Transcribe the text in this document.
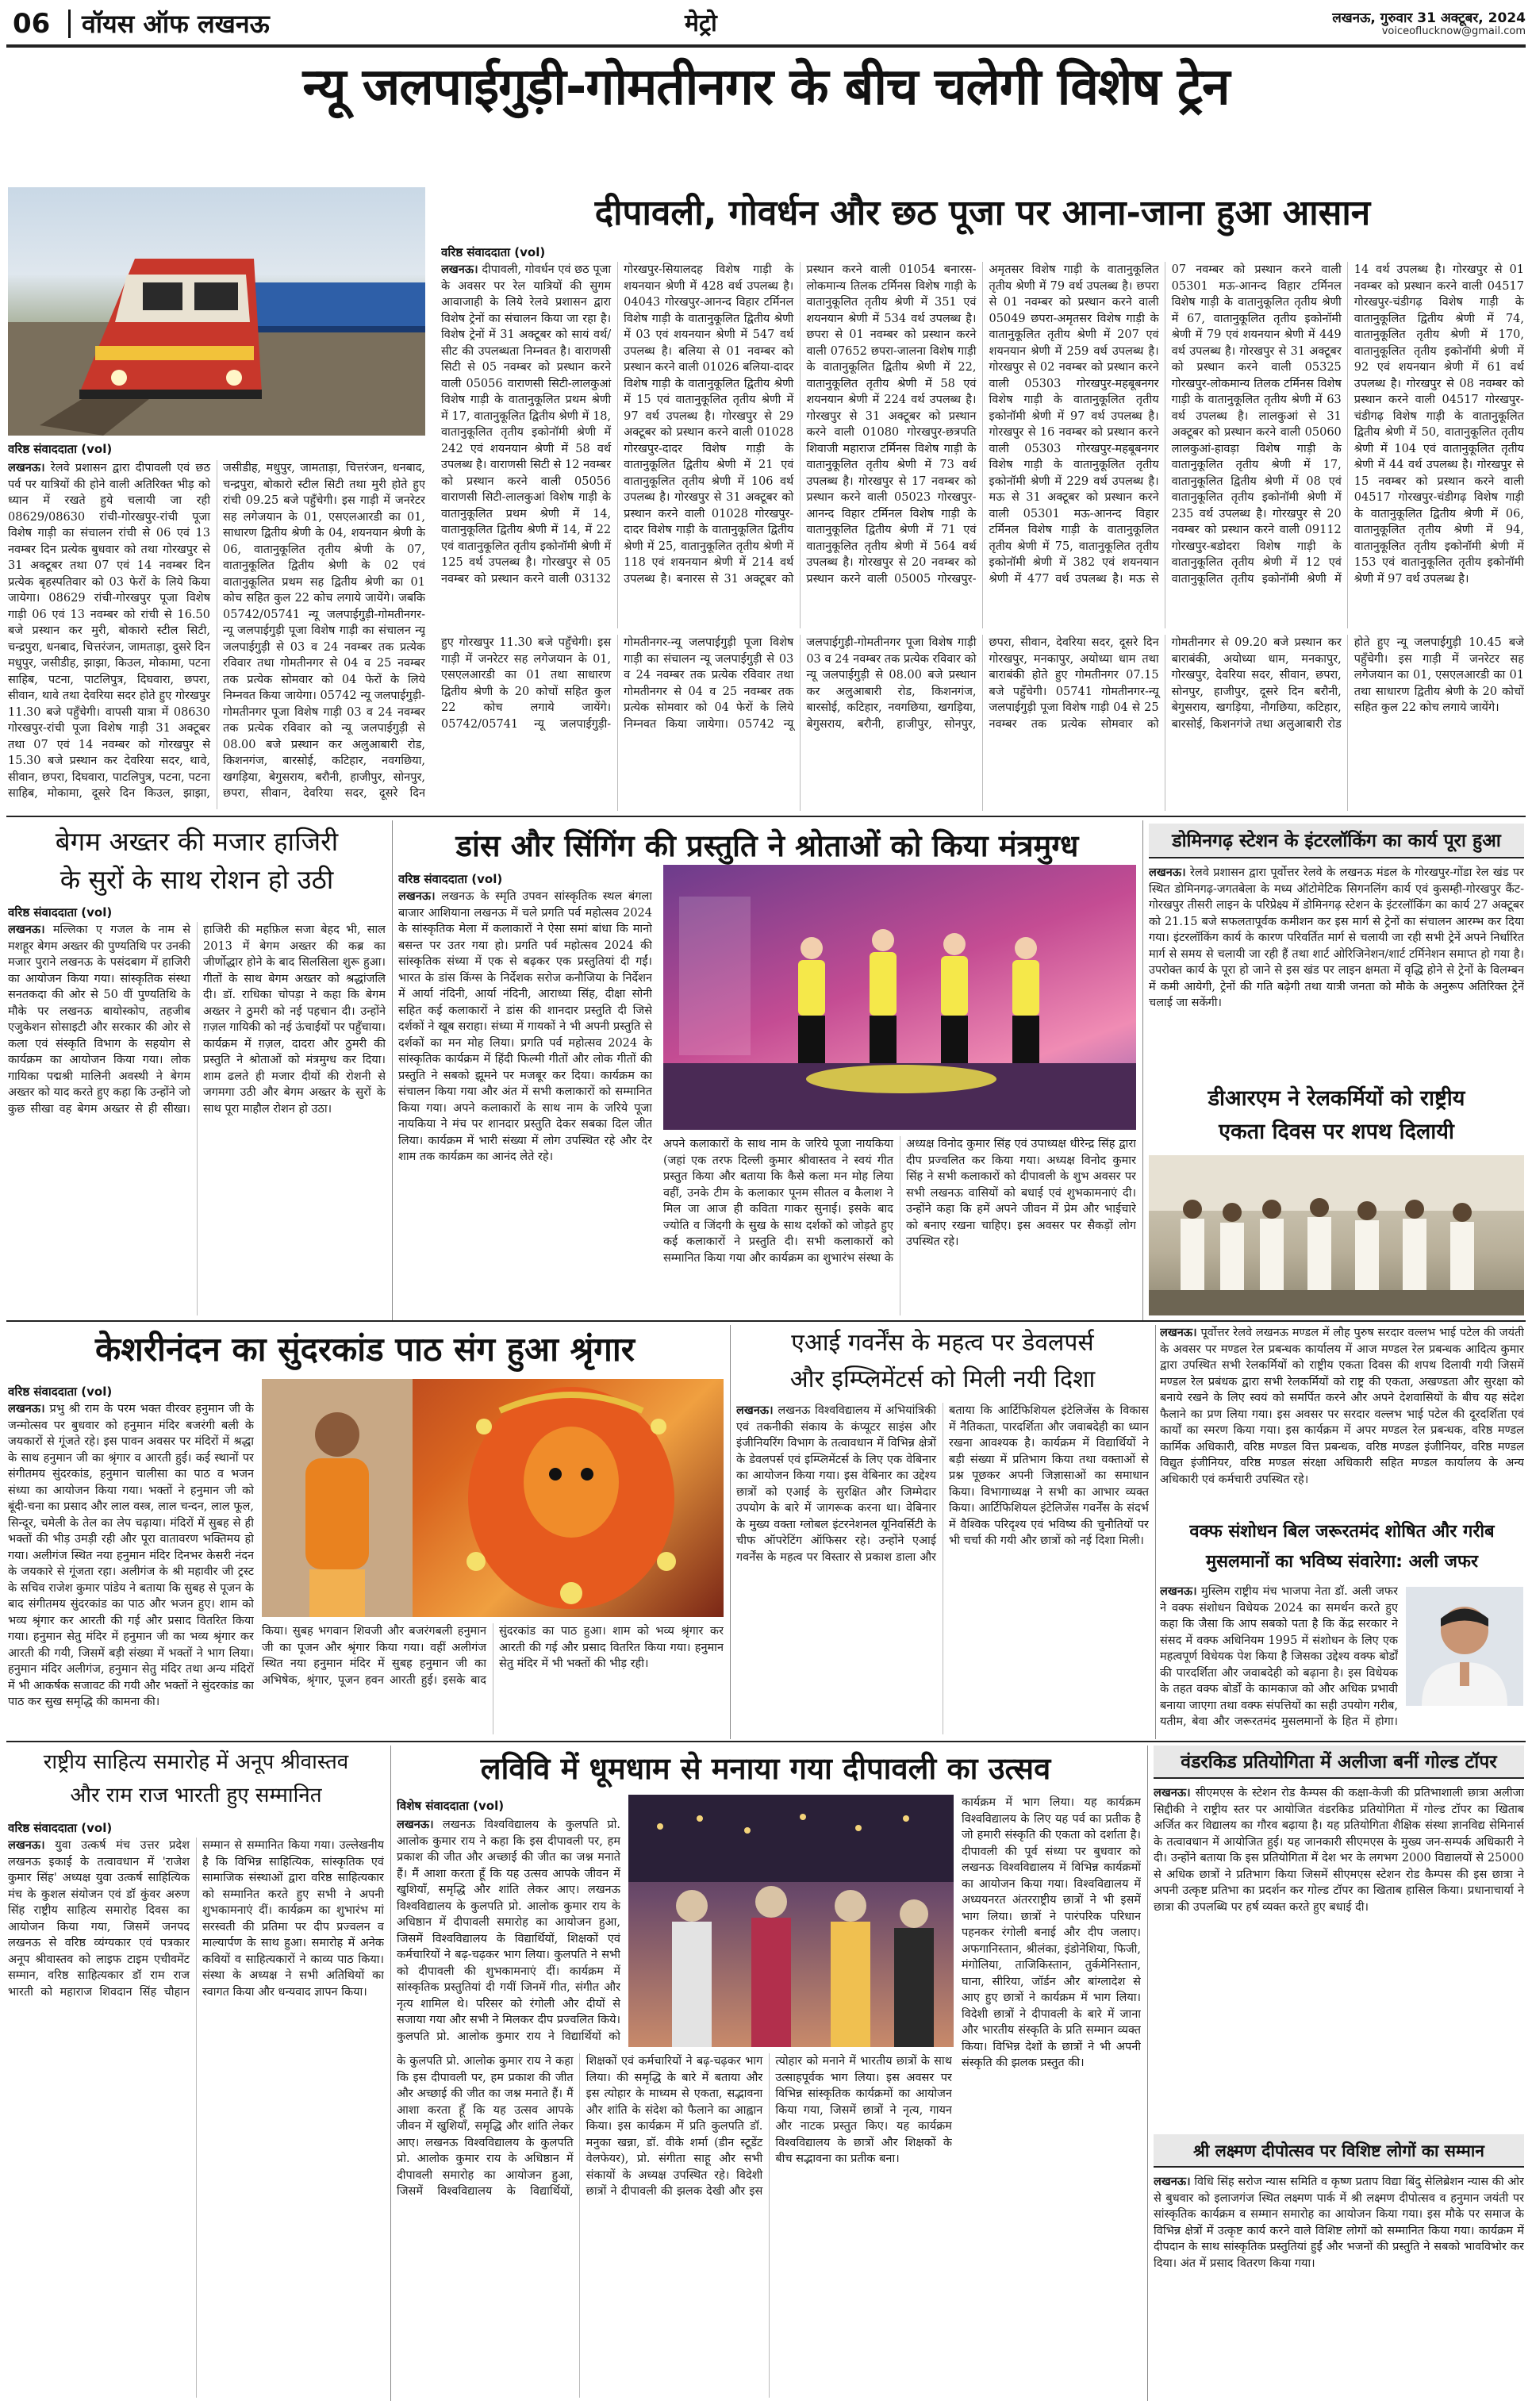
06 वॉयस ऑफ लखनऊ	मेट्रो	लखनऊ, गुरुवार 31 अक्टूबर, 2024
voiceoflucknow@gmail.com
न्यू जलपाईगुड़ी-गोमतीनगर के बीच चलेगी विशेष ट्रेन
वरिष्ठ संवाददाता (vol)
लखनऊ। रेलवे प्रशासन द्वारा दीपावली एवं छठ पर्व पर यात्रियों की होने वाली अतिरिक्त भीड़ को ध्यान में रखते हुये चलायी जा रही 08629/08630 रांची-गोरखपुर-रांची पूजा विशेष गाड़ी का संचालन रांची से 06 एवं 13 नवम्बर दिन प्रत्येक बुधवार को तथा गोरखपुर से 31 अक्टूबर तथा 07 एवं 14 नवम्बर दिन प्रत्येक बृहस्पतिवार को 03 फेरों के लिये किया जायेगा। 08629 रांची-गोरखपुर पूजा विशेष गाड़ी 06 एवं 13 नवम्बर को रांची से 16.50 बजे प्रस्थान कर मुरी, बोकारो स्टील सिटी, चन्द्रपुरा, धनबाद, चित्तरंजन, जामताड़ा, दुसरे दिन मधुपुर, जसीडीह, झाझा, किउल, मोकामा, पटना साहिब, पटना, पाटलिपुत्र, दिघवारा, छपरा, सीवान, थावे तथा देवरिया सदर होते हुए गोरखपुर 11.30 बजे पहुँचेगी। वापसी यात्रा में 08630 गोरखपुर-रांची पूजा विशेष गाड़ी 31 अक्टूबर तथा 07 एवं 14 नवम्बर को गोरखपुर से 15.30 बजे प्रस्थान कर देवरिया सदर, थावे, सीवान, छपरा, दिघवारा, पाटलिपुत्र, पटना, पटना साहिब, मोकामा, दूसरे दिन किउल, झाझा, जसीडीह, मधुपुर, जामताड़ा, चित्तरंजन, धनबाद, चन्द्रपुरा, बोकारो स्टील सिटी तथा मुरी होते हुए रांची 09.25 बजे पहुँचेगी। इस गाड़ी में जनरेटर सह लगेजयान के 01, एसएलआरडी का 01, साधारण द्वितीय श्रेणी के 04, शयनयान श्रेणी के 06, वातानुकूलित तृतीय श्रेणी के 07, वातानुकूलित द्वितीय श्रेणी के 02 एवं वातानुकूलित प्रथम सह द्वितीय श्रेणी का 01 कोच सहित कुल 22 कोच लगाये जायेंगे। जबकि 05742/05741 न्यू जलपाईगुड़ी-गोमतीनगर-न्यू जलपाईगुड़ी पूजा विशेष गाड़ी का संचालन न्यू जलपाईगुड़ी से 03 व 24 नवम्बर तक प्रत्येक रविवार तथा गोमतीनगर से 04 व 25 नवम्बर तक प्रत्येक सोमवार को 04 फेरों के लिये निम्नवत किया जायेगा। 05742 न्यू जलपाईगुड़ी-गोमतीनगर पूजा विशेष गाड़ी 03 व 24 नवम्बर तक प्रत्येक रविवार को न्यू जलपाईगुड़ी से 08.00 बजे प्रस्थान कर अलुआबारी रोड, किशनगंज, बारसोई, कटिहार, नवगछिया, खगड़िया, बेगुसराय, बरौनी, हाजीपुर, सोनपुर, छपरा, सीवान, देवरिया सदर, दूसरे दिन
दीपावली, गोवर्धन और छठ पूजा पर आना-जाना हुआ आसान
वरिष्ठ संवाददाता (vol)
लखनऊ। दीपावली, गोवर्धन एवं छठ पूजा के अवसर पर रेल यात्रियों की सुगम आवाजाही के लिये रेलवे प्रशासन द्वारा विशेष ट्रेनों का संचालन किया जा रहा है। विशेष ट्रेनों में 31 अक्टूबर को सायं वर्थ/सीट की उपलब्धता निम्नवत है। वाराणसी सिटी से 05 नवम्बर को प्रस्थान करने वाली 05056 वाराणसी सिटी-लालकुआं विशेष गाड़ी के वातानुकूलित प्रथम श्रेणी में 17, वातानुकूलित द्वितीय श्रेणी में 18, वातानुकूलित तृतीय इकोनॉमी श्रेणी में 242 एवं शयनयान श्रेणी में 58 वर्थ उपलब्ध है। वाराणसी सिटी से 12 नवम्बर को प्रस्थान करने वाली 05056 वाराणसी सिटी-लालकुआं विशेष गाड़ी के वातानुकूलित प्रथम श्रेणी में 14, वातानुकूलित द्वितीय श्रेणी में 14, में 22 एवं वातानुकूलित तृतीय इकोनॉमी श्रेणी में 125 वर्थ उपलब्ध है। गोरखपुर से 05 नवम्बर को प्रस्थान करने वाली 03132 गोरखपुर-सियालदह विशेष गाड़ी के शयनयान श्रेणी में 428 वर्थ उपलब्ध है। 04043 गोरखपुर-आनन्द विहार टर्मिनल विशेष गाड़ी के वातानुकूलित द्वितीय श्रेणी में 03 एवं शयनयान श्रेणी में 547 वर्थ उपलब्ध है। बलिया से 01 नवम्बर को प्रस्थान करने वाली 01026 बलिया-दादर विशेष गाड़ी के वातानुकूलित द्वितीय श्रेणी में 15 एवं वातानुकूलित तृतीय श्रेणी में 97 वर्थ उपलब्ध है। गोरखपुर से 29 अक्टूबर को प्रस्थान करने वाली 01028 गोरखपुर-दादर विशेष गाड़ी के वातानुकूलित द्वितीय श्रेणी में 21 एवं वातानुकूलित तृतीय श्रेणी में 106 वर्थ उपलब्ध है। गोरखपुर से 31 अक्टूबर को प्रस्थान करने वाली 01028 गोरखपुर-दादर विशेष गाड़ी के वातानुकूलित द्वितीय श्रेणी में 25, वातानुकूलित तृतीय श्रेणी में 118 एवं शयनयान श्रेणी में 214 वर्थ उपलब्ध है। बनारस से 31 अक्टूबर को प्रस्थान करने वाली 01054 बनारस-लोकमान्य तिलक टर्मिनस विशेष गाड़ी के वातानुकूलित तृतीय श्रेणी में 351 एवं शयनयान श्रेणी में 534 वर्थ उपलब्ध है। छपरा से 01 नवम्बर को प्रस्थान करने वाली 07652 छपरा-जालना विशेष गाड़ी के वातानुकूलित द्वितीय श्रेणी में 22, वातानुकूलित तृतीय श्रेणी में 58 एवं शयनयान श्रेणी में 224 वर्थ उपलब्ध है। गोरखपुर से 31 अक्टूबर को प्रस्थान करने वाली 01080 गोरखपुर-छत्रपति शिवाजी महाराज टर्मिनस विशेष गाड़ी के वातानुकूलित तृतीय श्रेणी में 73 वर्थ उपलब्ध है। गोरखपुर से 17 नवम्बर को प्रस्थान करने वाली 05023 गोरखपुर-आनन्द विहार टर्मिनल विशेष गाड़ी के वातानुकूलित द्वितीय श्रेणी में 71 एवं वातानुकूलित तृतीय श्रेणी में 564 वर्थ उपलब्ध है। गोरखपुर से 20 नवम्बर को प्रस्थान करने वाली 05005 गोरखपुर-अमृतसर विशेष गाड़ी के वातानुकूलित तृतीय श्रेणी में 79 वर्थ उपलब्ध है। छपरा से 01 नवम्बर को प्रस्थान करने वाली 05049 छपरा-अमृतसर विशेष गाड़ी के वातानुकूलित तृतीय श्रेणी में 207 एवं शयनयान श्रेणी में 259 वर्थ उपलब्ध है। गोरखपुर से 02 नवम्बर को प्रस्थान करने वाली 05303 गोरखपुर-महबूबनगर विशेष गाड़ी के वातानुकूलित तृतीय इकोनॉमी श्रेणी में 97 वर्थ उपलब्ध है। गोरखपुर से 16 नवम्बर को प्रस्थान करने वाली 05303 गोरखपुर-महबूबनगर विशेष गाड़ी के वातानुकूलित तृतीय इकोनॉमी श्रेणी में 229 वर्थ उपलब्ध है। मऊ से 31 अक्टूबर को प्रस्थान करने वाली 05301 मऊ-आनन्द विहार टर्मिनल विशेष गाड़ी के वातानुकूलित तृतीय श्रेणी में 75, वातानुकूलित तृतीय इकोनॉमी श्रेणी में 382 एवं शयनयान श्रेणी में 477 वर्थ उपलब्ध है। मऊ से 07 नवम्बर को प्रस्थान करने वाली 05301 मऊ-आनन्द विहार टर्मिनल विशेष गाड़ी के वातानुकूलित तृतीय श्रेणी में 67, वातानुकूलित तृतीय इकोनॉमी श्रेणी में 79 एवं शयनयान श्रेणी में 449 वर्थ उपलब्ध है। गोरखपुर से 31 अक्टूबर को प्रस्थान करने वाली 05325 गोरखपुर-लोकमान्य तिलक टर्मिनस विशेष गाड़ी के वातानुकूलित तृतीय श्रेणी में 63 वर्थ उपलब्ध है। लालकुआं से 31 अक्टूबर को प्रस्थान करने वाली 05060 लालकुआं-हावड़ा विशेष गाड़ी के वातानुकूलित तृतीय श्रेणी में 17, वातानुकूलित द्वितीय श्रेणी में 08 एवं वातानुकूलित तृतीय इकोनॉमी श्रेणी में 235 वर्थ उपलब्ध है। गोरखपुर से 20 नवम्बर को प्रस्थान करने वाली 09112 गोरखपुर-बडोदरा विशेष गाड़ी के वातानुकूलित तृतीय श्रेणी में 12 एवं वातानुकूलित तृतीय इकोनॉमी श्रेणी में 14 वर्थ उपलब्ध है। गोरखपुर से 01 नवम्बर को प्रस्थान करने वाली 04517 गोरखपुर-चंडीगढ़ विशेष गाड़ी के वातानुकूलित द्वितीय श्रेणी में 74, वातानुकूलित तृतीय श्रेणी में 170, वातानुकूलित तृतीय इकोनॉमी श्रेणी में 92 एवं शयनयान श्रेणी में 61 वर्थ उपलब्ध है। गोरखपुर से 08 नवम्बर को प्रस्थान करने वाली 04517 गोरखपुर-चंडीगढ़ विशेष गाड़ी के वातानुकूलित द्वितीय श्रेणी में 50, वातानुकूलित तृतीय श्रेणी में 104 एवं वातानुकूलित तृतीय श्रेणी में 44 वर्थ उपलब्ध है। गोरखपुर से 15 नवम्बर को प्रस्थान करने वाली 04517 गोरखपुर-चंडीगढ़ विशेष गाड़ी के वातानुकूलित द्वितीय श्रेणी में 06, वातानुकूलित तृतीय श्रेणी में 94, वातानुकूलित तृतीय इकोनॉमी श्रेणी में 153 एवं वातानुकूलित तृतीय इकोनॉमी श्रेणी में 97 वर्थ उपलब्ध है।
हुए गोरखपुर 11.30 बजे पहुँचेगी। इस गाड़ी में जनरेटर सह लगेजयान के 01, एसएलआरडी का 01 तथा साधारण द्वितीय श्रेणी के 20 कोचों सहित कुल 22 कोच लगाये जायेंगे। 05742/05741 न्यू जलपाईगुड़ी-गोमतीनगर-न्यू जलपाईगुड़ी पूजा विशेष गाड़ी का संचालन न्यू जलपाईगुड़ी से 03 व 24 नवम्बर तक प्रत्येक रविवार तथा गोमतीनगर से 04 व 25 नवम्बर तक प्रत्येक सोमवार को 04 फेरों के लिये निम्नवत किया जायेगा। 05742 न्यू जलपाईगुड़ी-गोमतीनगर पूजा विशेष गाड़ी 03 व 24 नवम्बर तक प्रत्येक रविवार को न्यू जलपाईगुड़ी से 08.00 बजे प्रस्थान कर अलुआबारी रोड, किशनगंज, बारसोई, कटिहार, नवगछिया, खगड़िया, बेगुसराय, बरौनी, हाजीपुर, सोनपुर, छपरा, सीवान, देवरिया सदर, दूसरे दिन गोरखपुर, मनकापुर, अयोध्या धाम तथा बाराबंकी होते हुए गोमतीनगर 07.15 बजे पहुँचेगी। 05741 गोमतीनगर-न्यू जलपाईगुड़ी पूजा विशेष गाड़ी 04 से 25 नवम्बर तक प्रत्येक सोमवार को गोमतीनगर से 09.20 बजे प्रस्थान कर बाराबंकी, अयोध्या धाम, मनकापुर, गोरखपुर, देवरिया सदर, सीवान, छपरा, सोनपुर, हाजीपुर, दूसरे दिन बरौनी, बेगुसराय, खगड़िया, नौगछिया, कटिहार, बारसोई, किशनगंजे तथा अलुआबारी रोड होते हुए न्यू जलपाईगुड़ी 10.45 बजे पहुँचेगी। इस गाड़ी में जनरेटर सह लगेजयान का 01, एसएलआरडी का 01 तथा साधारण द्वितीय श्रेणी के 20 कोचों सहित कुल 22 कोच लगाये जायेंगे।
बेगम अख्तर की मजार हाजिरी
के सुरों के साथ रोशन हो उठी
वरिष्ठ संवाददाता (vol)
लखनऊ। मल्लिका ए गजल के नाम से मशहूर बेगम अख्तर की पुण्यतिथि पर उनकी मजार पुराने लखनऊ के पसंदबाग में हाजिरी का आयोजन किया गया। सांस्कृतिक संस्था सनतकदा की ओर से 50 वीं पुण्यतिथि के मौके पर लखनऊ बायोस्कोप, तहजीब एजुकेशन सोसाइटी और सरकार की ओर से कला एवं संस्कृति विभाग के सहयोग से कार्यक्रम का आयोजन किया गया। लोक गायिका पद्मश्री मालिनी अवस्थी ने बेगम अख्तर को याद करते हुए कहा कि उन्होंने जो कुछ सीखा वह बेगम अख्तर से ही सीखा। हाजिरी की महफ़िल सजा बेहद भी, साल 2013 में बेगम अख्तर की कब्र का जीर्णोद्धार होने के बाद सिलसिला शुरू हुआ। गीतों के साथ बेगम अख्तर को श्रद्धांजलि दी। डॉ. राधिका चोपड़ा ने कहा कि बेगम अख्तर ने ठुमरी को नई पहचान दी। उन्होंने ग़ज़ल गायिकी को नई ऊंचाईयों पर पहुँचाया। कार्यक्रम में ग़ज़ल, दादरा और ठुमरी की प्रस्तुति ने श्रोताओं को मंत्रमुग्ध कर दिया। शाम ढलते ही मजार दीयों की रोशनी से जगमगा उठी और बेगम अख्तर के सुरों के साथ पूरा माहौल रोशन हो उठा।
डांस और सिंगिंग की प्रस्तुति ने श्रोताओं को किया मंत्रमुग्ध
वरिष्ठ संवाददाता (vol)
लखनऊ। लखनऊ के स्मृति उपवन सांस्कृतिक स्थल बंगला बाजार आशियाना लखनऊ में चले प्रगति पर्व महोत्सव 2024 के सांस्कृतिक मेला में कलाकारों ने ऐसा समां बांधा कि मानो बसन्त पर उतर गया हो। प्रगति पर्व महोत्सव 2024 की सांस्कृतिक संध्या में एक से बढ़कर एक प्रस्तुतियां दी गईं। भारत के डांस किंग्स के निर्देशक सरोज कनौजिया के निर्देशन में आर्या नंदिनी, आर्या नंदिनी, आराध्या सिंह, दीक्षा सोनी सहित कई कलाकारों ने डांस की शानदार प्रस्तुति दी जिसे दर्शकों ने खूब सराहा। संध्या में गायकों ने भी अपनी प्रस्तुति से दर्शकों का मन मोह लिया। प्रगति पर्व महोत्सव 2024 के सांस्कृतिक कार्यक्रम में हिंदी फिल्मी गीतों और लोक गीतों की प्रस्तुति ने सबको झूमने पर मजबूर कर दिया। कार्यक्रम का संचालन किया गया और अंत में सभी कलाकारों को सम्मानित किया गया। अपने कलाकारों के साथ नाम के जरिये पूजा नायकिया ने मंच पर शानदार प्रस्तुति देकर सबका दिल जीत लिया। कार्यक्रम में भारी संख्या में लोग उपस्थित रहे और देर शाम तक कार्यक्रम का आनंद लेते रहे।
अपने कलाकारों के साथ नाम के जरिये पूजा नायकिया (जहां एक तरफ दिल्ली कुमार श्रीवास्तव ने स्वयं गीत प्रस्तुत किया और बताया कि कैसे कला मन मोह लिया वहीं, उनके टीम के कलाकार पूनम सीतल व कैलाश ने मिल जा आज ही कविता गाकर सुनाई। इसके बाद ज्योति व जिंदगी के सुख के साथ दर्शकों को जोड़ते हुए कई कलाकारों ने प्रस्तुति दी। सभी कलाकारों को सम्मानित किया गया और कार्यक्रम का शुभारंभ संस्था के अध्यक्ष विनोद कुमार सिंह एवं उपाध्यक्ष धीरेन्द्र सिंह द्वारा दीप प्रज्वलित कर किया गया। अध्यक्ष विनोद कुमार सिंह ने सभी कलाकारों को दीपावली के शुभ अवसर पर सभी लखनऊ वासियों को बधाई एवं शुभकामनाएं दी। उन्होंने कहा कि हमें अपने जीवन में प्रेम और भाईचारे को बनाए रखना चाहिए। इस अवसर पर सैकड़ों लोग उपस्थित रहे।
डोमिनगढ़ स्टेशन के इंटरलॉकिंग का कार्य पूरा हुआ
लखनऊ। रेलवे प्रशासन द्वारा पूर्वोत्तर रेलवे के लखनऊ मंडल के गोरखपुर-गोंडा रेल खंड पर स्थित डोमिनगढ़-जगतबेला के मध्य ऑटोमेटिक सिगनलिंग कार्य एवं कुसम्ही-गोरखपुर कैंट-गोरखपुर तीसरी लाइन के परिप्रेक्ष्य में डोमिनगढ़ स्टेशन के इंटरलॉकिंग का कार्य 27 अक्टूबर को 21.15 बजे सफलतापूर्वक कमीशन कर इस मार्ग से ट्रेनों का संचालन आरम्भ कर दिया गया। इंटरलॉकिंग कार्य के कारण परिवर्तित मार्ग से चलायी जा रही सभी ट्रेनें अपने निर्धारित मार्ग से समय से चलायी जा रही हैं तथा शार्ट ओरिजिनेशन/शार्ट टर्मिनेशन समाप्त हो गया है। उपरोक्त कार्य के पूरा हो जाने से इस खंड पर लाइन क्षमता में वृद्धि होने से ट्रेनों के विलम्बन में कमी आयेगी, ट्रेनों की गति बढ़ेगी तथा यात्री जनता को मौके के अनुरूप अतिरिक्त ट्रेनें चलाई जा सकेंगी।
डीआरएम ने रेलकर्मियों को राष्ट्रीय
एकता दिवस पर शपथ दिलायी
केशरीनंदन का सुंदरकांड पाठ संग हुआ श्रृंगार
वरिष्ठ संवाददाता (vol)
लखनऊ। प्रभु श्री राम के परम भक्त वीरवर हनुमान जी के जन्मोत्सव पर बुधवार को हनुमान मंदिर बजरंगी बली के जयकारों से गूंजते रहे। इस पावन अवसर पर मंदिरों में श्रद्धा के साथ हनुमान जी का श्रृंगार व आरती हुई। कई स्थानों पर संगीतमय सुंदरकांड, हनुमान चालीसा का पाठ व भजन संध्या का आयोजन किया गया। भक्तों ने हनुमान जी को बूंदी-चना का प्रसाद और लाल वस्त्र, लाल चन्दन, लाल फूल, सिन्दूर, चमेली के तेल का लेप चढ़ाया। मंदिरों में सुबह से ही भक्तों की भीड़ उमड़ी रही और पूरा वातावरण भक्तिमय हो गया। अलीगंज स्थित नया हनुमान मंदिर दिनभर केसरी नंदन के जयकारे से गूंजता रहा। अलीगंज के श्री महावीर जी ट्रस्ट के सचिव राजेश कुमार पांडेय ने बताया कि सुबह से पूजन के बाद संगीतमय सुंदरकांड का पाठ और भजन हुए। शाम को भव्य श्रृंगार कर आरती की गई और प्रसाद वितरित किया गया। हनुमान सेतु मंदिर में हनुमान जी का भव्य श्रृंगार कर आरती की गयी, जिसमें बड़ी संख्या में भक्तों ने भाग लिया। हनुमान मंदिर अलीगंज, हनुमान सेतु मंदिर तथा अन्य मंदिरों में भी आकर्षक सजावट की गयी और भक्तों ने सुंदरकांड का पाठ कर सुख समृद्धि की कामना की।
किया। सुबह भगवान शिवजी और बजरंगबली हनुमान जी का पूजन और श्रृंगार किया गया। वहीं अलीगंज स्थित नया हनुमान मंदिर में सुबह हनुमान जी का अभिषेक, श्रृंगार, पूजन हवन आरती हुई। इसके बाद सुंदरकांड का पाठ हुआ। शाम को भव्य श्रृंगार कर आरती की गई और प्रसाद वितरित किया गया। हनुमान सेतु मंदिर में भी भक्तों की भीड़ रही।
एआई गवर्नेंस के महत्व पर डेवलपर्स
और इम्प्लिमेंटर्स को मिली नयी दिशा
लखनऊ। लखनऊ विश्वविद्यालय में अभियांत्रिकी एवं तकनीकी संकाय के कंप्यूटर साइंस और इंजीनियरिंग विभाग के तत्वावधान में विभिन्न क्षेत्रों के डेवलपर्स एवं इम्प्लिमेंटर्स के लिए एक वेबिनार का आयोजन किया गया। इस वेबिनार का उद्देश्य छात्रों को एआई के सुरक्षित और जिम्मेदार उपयोग के बारे में जागरूक करना था। वेबिनार के मुख्य वक्ता ग्लोबल इंटरनेशनल यूनिवर्सिटी के चीफ ऑपरेटिंग ऑफिसर रहे। उन्होंने एआई गवर्नेंस के महत्व पर विस्तार से प्रकाश डाला और बताया कि आर्टिफिशियल इंटेलिजेंस के विकास में नैतिकता, पारदर्शिता और जवाबदेही का ध्यान रखना आवश्यक है। कार्यक्रम में विद्यार्थियों ने बड़ी संख्या में प्रतिभाग किया तथा वक्ताओं से प्रश्न पूछकर अपनी जिज्ञासाओं का समाधान किया। विभागाध्यक्ष ने सभी का आभार व्यक्त किया। आर्टिफिशियल इंटेलिजेंस गवर्नेंस के संदर्भ में वैश्विक परिदृश्य एवं भविष्य की चुनौतियों पर भी चर्चा की गयी और छात्रों को नई दिशा मिली।	वक्फ संशोधन बिल जरूरतमंद शोषित और गरीब
मुसलमानों का भविष्य संवारेगा: अली जफर
लखनऊ। पूर्वोत्तर रेलवे लखनऊ मण्डल में लौह पुरुष सरदार वल्लभ भाई पटेल की जयंती के अवसर पर मण्डल रेल प्रबन्धक कार्यालय में आज मण्डल रेल प्रबन्धक आदित्य कुमार द्वारा उपस्थित सभी रेलकर्मियों को राष्ट्रीय एकता दिवस की शपथ दिलायी गयी जिसमें मण्डल रेल प्रबंधक द्वारा सभी रेलकर्मियों को राष्ट्र की एकता, अखण्डता और सुरक्षा को बनाये रखने के लिए स्वयं को समर्पित करने और अपने देशवासियों के बीच यह संदेश फैलाने का प्रण लिया गया। इस अवसर पर सरदार वल्लभ भाई पटेल की दूरदर्शिता एवं कार्यों का स्मरण किया गया। इस कार्यक्रम में अपर मण्डल रेल प्रबन्धक, वरिष्ठ मण्डल कार्मिक अधिकारी, वरिष्ठ मण्डल वित्त प्रबन्धक, वरिष्ठ मण्डल इंजीनियर, वरिष्ठ मण्डल विद्युत इंजीनियर, वरिष्ठ मण्डल संरक्षा अधिकारी सहित मण्डल कार्यालय के अन्य अधिकारी एवं कर्मचारी उपस्थित रहे।
लखनऊ। मुस्लिम राष्ट्रीय मंच भाजपा नेता डॉ. अली जफर ने वक्फ संशोधन विधेयक 2024 का समर्थन करते हुए कहा कि जैसा कि आप सबको पता है कि केंद्र सरकार ने संसद में वक्फ अधिनियम 1995 में संशोधन के लिए एक महत्वपूर्ण विधेयक पेश किया है जिसका उद्देश्य वक्फ बोर्डों की पारदर्शिता और जवाबदेही को बढ़ाना है। इस विधेयक के तहत वक्फ बोर्डों के कामकाज को और अधिक प्रभावी बनाया जाएगा तथा वक्फ संपत्तियों का सही उपयोग गरीब, यतीम, बेवा और जरूरतमंद मुसलमानों के हित में होगा।
राष्ट्रीय साहित्य समारोह में अनूप श्रीवास्तव
और राम राज भारती हुए सम्मानित
वरिष्ठ संवाददाता (vol)
लखनऊ। युवा उत्कर्ष मंच उत्तर प्रदेश लखनऊ इकाई के तत्वावधान में 'राजेश कुमार सिंह' अध्यक्ष युवा उत्कर्ष साहित्यिक मंच के कुशल संयोजन एवं डॉ कुंवर अरुण सिंह राष्ट्रीय साहित्य समारोह दिवस का आयोजन किया गया, जिसमें जनपद लखनऊ से वरिष्ठ व्यंग्यकार एवं पत्रकार अनूप श्रीवास्तव को लाइफ टाइम एचीवमेंट सम्मान, वरिष्ठ साहित्यकार डॉ राम राज भारती को महाराज शिवदान सिंह चौहान सम्मान से सम्मानित किया गया। उल्लेखनीय है कि विभिन्न साहित्यिक, सांस्कृतिक एवं सामाजिक संस्थाओं द्वारा वरिष्ठ साहित्यकार को सम्मानित करते हुए सभी ने अपनी शुभकामनाएं दीं। कार्यक्रम का शुभारंभ मां सरस्वती की प्रतिमा पर दीप प्रज्वलन व माल्यार्पण के साथ हुआ। समारोह में अनेक कवियों व साहित्यकारों ने काव्य पाठ किया। संस्था के अध्यक्ष ने सभी अतिथियों का स्वागत किया और धन्यवाद ज्ञापन किया।
लविवि में धूमधाम से मनाया गया दीपावली का उत्सव
विशेष संवाददाता (vol)
लखनऊ। लखनऊ विश्वविद्यालय के कुलपति प्रो. आलोक कुमार राय ने कहा कि इस दीपावली पर, हम प्रकाश की जीत और अच्छाई की जीत का जश्न मनाते हैं। मैं आशा करता हूँ कि यह उत्सव आपके जीवन में खुशियाँ, समृद्धि और शांति लेकर आए। लखनऊ विश्वविद्यालय के कुलपति प्रो. आलोक कुमार राय के अधिष्ठान में दीपावली समारोह का आयोजन हुआ, जिसमें विश्वविद्यालय के विद्यार्थियों, शिक्षकों एवं कर्मचारियों ने बढ़-चढ़कर भाग लिया। कुलपति ने सभी को दीपावली की शुभकामनाएं दीं। कार्यक्रम में सांस्कृतिक प्रस्तुतियां दी गयीं जिनमें गीत, संगीत और नृत्य शामिल थे। परिसर को रंगोली और दीयों से सजाया गया और सभी ने मिलकर दीप प्रज्वलित किये। कुलपति प्रो. आलोक कुमार राय ने विद्यार्थियों को
के कुलपति प्रो. आलोक कुमार राय ने कहा कि इस दीपावली पर, हम प्रकाश की जीत और अच्छाई की जीत का जश्न मनाते हैं। मैं आशा करता हूँ कि यह उत्सव आपके जीवन में खुशियाँ, समृद्धि और शांति लेकर आए। लखनऊ विश्वविद्यालय के कुलपति प्रो. आलोक कुमार राय के अधिष्ठान में दीपावली समारोह का आयोजन हुआ, जिसमें विश्वविद्यालय के विद्यार्थियों, शिक्षकों एवं कर्मचारियों ने बढ़-चढ़कर भाग लिया। की समृद्धि के बारे में बताया और इस त्योहार के माध्यम से एकता, सद्भावना और शांति के संदेश को फैलाने का आह्वान किया। इस कार्यक्रम में प्रति कुलपति डॉ. मनुका खन्ना, डॉ. वीके शर्मा (डीन स्टूडेंट वेलफेयर), प्रो. संगीता साहू और सभी संकायों के अध्यक्ष उपस्थित रहे। विदेशी छात्रों ने दीपावली की झलक देखी और इस त्योहार को मनाने में भारतीय छात्रों के साथ उत्साहपूर्वक भाग लिया। इस अवसर पर विभिन्न सांस्कृतिक कार्यक्रमों का आयोजन किया गया, जिसमें छात्रों ने नृत्य, गायन और नाटक प्रस्तुत किए। यह कार्यक्रम विश्वविद्यालय के छात्रों और शिक्षकों के बीच सद्भावना का प्रतीक बना।
कार्यक्रम में भाग लिया। यह कार्यक्रम विश्वविद्यालय के लिए यह पर्व का प्रतीक है जो हमारी संस्कृति की एकता को दर्शाता है। दीपावली की पूर्व संध्या पर बुधवार को लखनऊ विश्वविद्यालय में विभिन्न कार्यक्रमों का आयोजन किया गया। विश्वविद्यालय में अध्ययनरत अंतरराष्ट्रीय छात्रों ने भी इसमें भाग लिया। छात्रों ने पारंपरिक परिधान पहनकर रंगोली बनाई और दीप जलाए। अफगानिस्तान, श्रीलंका, इंडोनेशिया, फिजी, मंगोलिया, ताजिकिस्तान, तुर्कमेनिस्तान, घाना, सीरिया, जॉर्डन और बांग्लादेश से आए हुए छात्रों ने कार्यक्रम में भाग लिया। विदेशी छात्रों ने दीपावली के बारे में जाना और भारतीय संस्कृति के प्रति सम्मान व्यक्त किया। विभिन्न देशों के छात्रों ने भी अपनी संस्कृति की झलक प्रस्तुत की।
वंडरकिड प्रतियोगिता में अलीजा बनीं गोल्ड टॉपर
लखनऊ। सीएमएस के स्टेशन रोड कैम्पस की कक्षा-केजी की प्रतिभाशाली छात्रा अलीजा सिद्दीकी ने राष्ट्रीय स्तर पर आयोजित वंडरकिड प्रतियोगिता में गोल्ड टॉपर का खिताब अर्जित कर विद्यालय का गौरव बढ़ाया है। यह प्रतियोगिता शैक्षिक संस्था ज्ञानविद्य सेमिनार्स के तत्वावधान में आयोजित हुई। यह जानकारी सीएमएस के मुख्य जन-सम्पर्क अधिकारी ने दी। उन्होंने बताया कि इस प्रतियोगिता में देश भर के लगभग 2000 विद्यालयों से 25000 से अधिक छात्रों ने प्रतिभाग किया जिसमें सीएमएस स्टेशन रोड कैम्पस की इस छात्रा ने अपनी उत्कृष्ट प्रतिभा का प्रदर्शन कर गोल्ड टॉपर का खिताब हासिल किया। प्रधानाचार्या ने छात्रा की उपलब्धि पर हर्ष व्यक्त करते हुए बधाई दी।
श्री लक्ष्मण दीपोत्सव पर विशिष्ट लोगों का सम्मान
लखनऊ। विधि सिंह सरोज न्यास समिति व कृष्ण प्रताप विद्या बिंदु सेलिब्रेशन न्यास की ओर से बुधवार को इलाजगंज स्थित लक्ष्मण पार्क में श्री लक्ष्मण दीपोत्सव व हनुमान जयंती पर सांस्कृतिक कार्यक्रम व सम्मान समारोह का आयोजन किया गया। इस मौके पर समाज के विभिन्न क्षेत्रों में उत्कृष्ट कार्य करने वाले विशिष्ट लोगों को सम्मानित किया गया। कार्यक्रम में दीपदान के साथ सांस्कृतिक प्रस्तुतियां हुईं और भजनों की प्रस्तुति ने सबको भावविभोर कर दिया। अंत में प्रसाद वितरण किया गया।
